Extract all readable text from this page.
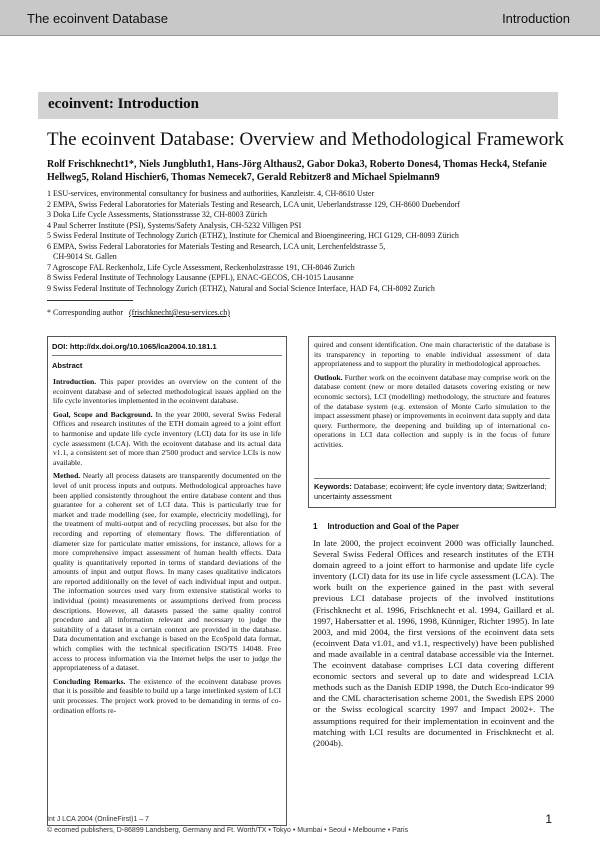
The ecoinvent Database	Introduction
ecoinvent: Introduction
The ecoinvent Database: Overview and Methodological Framework
Rolf Frischknecht1*, Niels Jungbluth1, Hans-Jörg Althaus2, Gabor Doka3, Roberto Dones4, Thomas Heck4, Stefanie Hellweg5, Roland Hischier6, Thomas Nemecek7, Gerald Rebitzer8 and Michael Spielmann9
1 ESU-services, environmental consultancy for business and authorities, Kanzleistr. 4, CH-8610 Uster
2 EMPA, Swiss Federal Laboratories for Materials Testing and Research, LCA unit, Ueberlandstrasse 129, CH-8600 Duebendorf
3 Doka Life Cycle Assessments, Stationsstrasse 32, CH-8003 Zürich
4 Paul Scherrer Institute (PSI), Systems/Safety Analysis, CH-5232 Villigen PSI
5 Swiss Federal Institute of Technology Zurich (ETHZ), Institute for Chemical and Bioengineering, HCI G129, CH-8093 Zürich
6 EMPA, Swiss Federal Laboratories for Materials Testing and Research, LCA unit, Lerchenfeldstrasse 5,
CH-9014 St. Gallen
7 Agroscope FAL Reckenholz, Life Cycle Assessment, Reckenholzstrasse 191, CH-8046 Zurich
8 Swiss Federal Institute of Technology Lausanne (EPFL), ENAC-GECOS, CH-1015 Lausanne
9 Swiss Federal Institute of Technology Zurich (ETHZ), Natural and Social Science Interface, HAD F4, CH-8092 Zurich
* Corresponding author (frischknecht@esu-services.ch)
DOI: http://dx.doi.org/10.1065/lca2004.10.181.1
Abstract

Introduction. This paper provides an overview on the content of the ecoinvent database and of selected methodological issues applied on the life cycle inventories implemented in the ecoinvent database.

Goal, Scope and Background. In the year 2000, several Swiss Federal Offices and research institutes of the ETH domain agreed to a joint effort to harmonise and update life cycle inventory (LCI) data for its use in life cycle assessment (LCA). With the ecoinvent database and its actual data v1.1, a consistent set of more than 2'500 product and service LCIs is now available.

Method. Nearly all process datasets are transparently documented on the level of unit process inputs and outputs. Methodological approaches have been applied consistently throughout the entire database content and thus guarantee for a coherent set of LCI data. This is particularly true for market and trade modelling (see, for example, electricity modelling), for the treatment of multi-output and of recycling processes, but also for the recording and reporting of elementary flows. The differentiation of diameter size for particulate matter emissions, for instance, allows for a more comprehensive impact assessment of human health effects. Data quality is quantitatively reported in terms of standard deviations of the amounts of input and output flows. In many cases qualitative indicators are reported additionally on the level of each individual input and output. The information sources used vary from extensive statistical works to individual (point) measurements or assumptions derived from process descriptions. However, all datasets passed the same quality control procedure and all information relevant and necessary to judge the suitability of a dataset in a certain context are provided in the database. Data documentation and exchange is based on the EcoSpold data format, which complies with the technical specification ISO/TS 14048. Free access to process information via the Internet helps the user to judge the appropriateness of a dataset.

Concluding Remarks. The existence of the ecoinvent database proves that it is possible and feasible to build up a large interlinked system of LCI unit processes. The project work proved to be demanding in terms of co-ordination efforts re-

quired and consent identification. One main characteristic of the database is its transparency in reporting to enable individual assessment of data appropriateness and to support the plurality in methodological approaches.

Outlook. Further work on the ecoinvent database may comprise work on the database content (new or more detailed datasets covering existing or new economic sectors), LCI (modelling) methodology, the structure and features of the database system (e.g. extension of Monte Carlo simulation to the impact assessment phase) or improvements in ecoinvent data supply and data query. Furthermore, the deepening and building up of international co-operations in LCI data collection and supply is in the focus of future activities.

Keywords: Database; ecoinvent; life cycle inventory data; Switzerland; uncertainty assessment
1 Introduction and Goal of the Paper
In late 2000, the project ecoinvent 2000 was officially launched. Several Swiss Federal Offices and research institutes of the ETH domain agreed to a joint effort to harmonise and update life cycle inventory (LCI) data for its use in life cycle assessment (LCA). The work built on the experience gained in the past with several previous LCI database projects of the involved institutions (Frischknecht et al. 1996, Frischknecht et al. 1994, Gaillard et al. 1997, Habersatter et al. 1996, 1998, Künniger, Richter 1995). In late 2003, and mid 2004, the first versions of the ecoinvent data sets (ecoinvent Data v1.01, and v1.1, respectively) have been published and made available in a central database accessible via the Internet. The ecoinvent database comprises LCI data covering different economic sectors and several up to date and widespread LCIA methods such as the Danish EDIP 1998, the Dutch Eco-indicator 99 and the CML characterisation scheme 2001, the Swedish EPS 2000 or the Swiss ecological scarcity 1997 and Impact 2002+. The assumptions required for their implementation in ecoinvent and the matching with LCI results are documented in Frischknecht et al. (2004b).
Int J LCA 2004 (OnlineFirst)1 – 7
© ecomed publishers, D-86899 Landsberg, Germany and Ft. Worth/TX • Tokyo • Mumbai • Seoul • Melbourne • Paris
1
